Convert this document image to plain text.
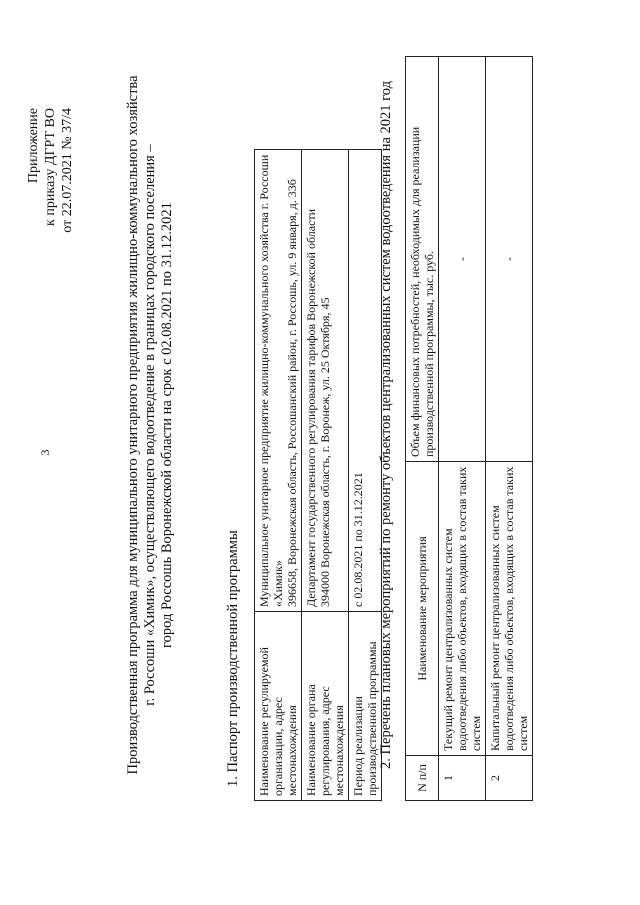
3
Приложение к приказу ДГРТ ВО от 22.07.2021 № 37/4	Производственная программа для муниципального унитарного предприятия жилищно-коммунального хозяйства г. Россоши «Химик», осуществляющего водоотведение в границах городского поселения – город Россошь Воронежской области на срок с 02.08.2021 по 31.12.2021
1. Паспорт производственной программы Наименование регулируемой организации, адрес местонахождения	Муниципальное унитарное предприятие жилищно-коммунального хозяйства г. Россоши «Химик» 396658, Воронежская область, Россошанский район, г. Россошь, ул. 9 января, д. 33б

Наименование органа регулирования, адрес местонахождения	Департамент государственного регулирования тарифов Воронежской области 394000 Воронежская область, г. Воронеж, ул. 25 Октября, 45

Период реализации производственной программы	с 02.08.2021 по 31.12.2021 2. Перечень плановых мероприятий по ремонту объектов централизованных систем водоотведения на 2021 год
N п/п	Наименование мероприятия	Объем финансовых потребностей, необходимых для реализации производственной программы, тыс. руб.
1	Текущий ремонт централизованных систем водоотведения либо объектов, входящих в состав таких систем	-
2	Капитальный ремонт централизованных систем водоотведения либо объектов, входящих в состав таких систем	-
